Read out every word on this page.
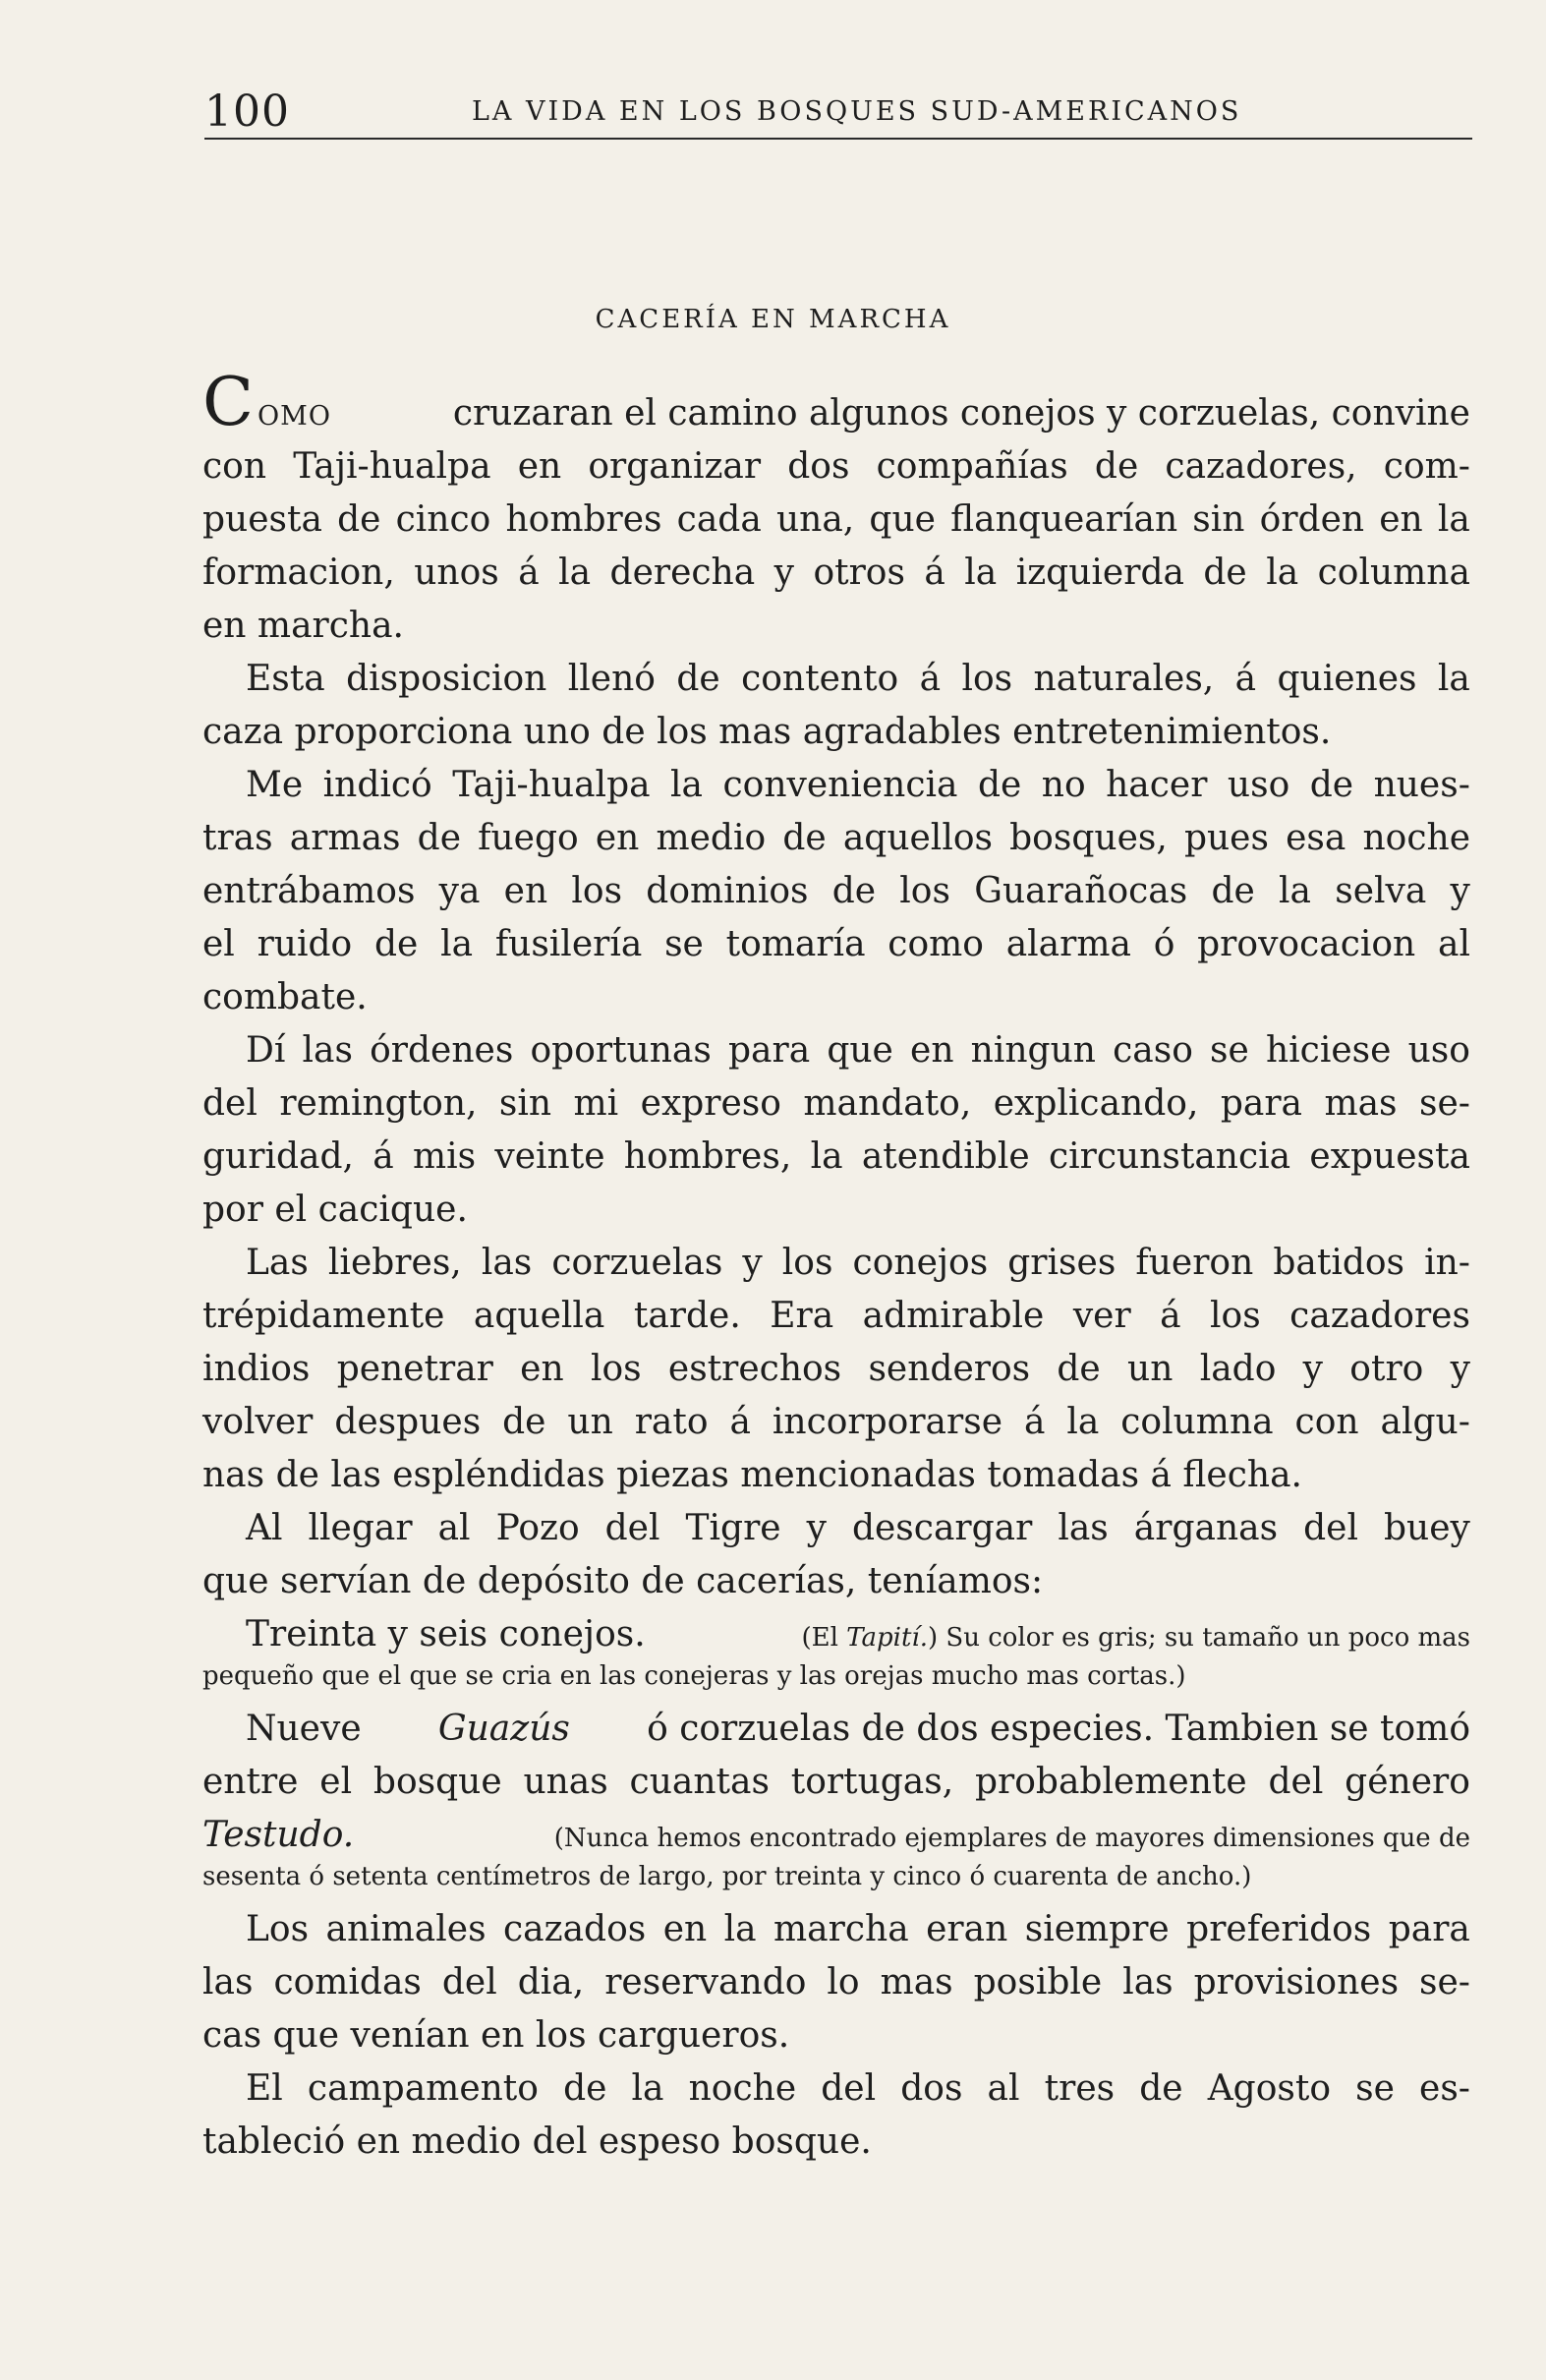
100	LA VIDA EN LOS BOSQUES SUD-AMERICANOS
CACERÍA EN MARCHA
COMO	cruzaran el camino algunos conejos y corzuelas, convine
con Taji-hualpa en organizar dos compañías de cazadores, com-
puesta de cinco hombres cada una, que flanquearían sin órden en la
formacion, unos á la derecha y otros á la izquierda de la columna
en marcha.
Esta disposicion llenó de contento á los naturales, á quienes la
caza proporciona uno de los mas agradables entretenimientos.
Me indicó Taji-hualpa la conveniencia de no hacer uso de nues-
tras armas de fuego en medio de aquellos bosques, pues esa noche
entrábamos ya en los dominios de los Guarañocas de la selva y
el ruido de la fusilería se tomaría como alarma ó provocacion al
combate.
Dí las órdenes oportunas para que en ningun caso se hiciese uso
del remington, sin mi expreso mandato, explicando, para mas se-
guridad, á mis veinte hombres, la atendible circunstancia expuesta
por el cacique.
Las liebres, las corzuelas y los conejos grises fueron batidos in-
trépidamente aquella tarde. Era admirable ver á los cazadores
indios penetrar en los estrechos senderos de un lado y otro y
volver despues de un rato á incorporarse á la columna con algu-
nas de las espléndidas piezas mencionadas tomadas á flecha.
Al llegar al Pozo del Tigre y descargar las árganas del buey
que servían de depósito de cacerías, teníamos:
Treinta y seis conejos.	(El Tapití.) Su color es gris; su tamaño un poco mas
pequeño que el que se cria en las conejeras y las orejas mucho mas cortas.)
Nueve Guazús ó corzuelas de dos especies. Tambien se tomó
entre el bosque unas cuantas tortugas, probablemente del género
Testudo.	(Nunca hemos encontrado ejemplares de mayores dimensiones que de
sesenta ó setenta centímetros de largo, por treinta y cinco ó cuarenta de ancho.)
Los animales cazados en la marcha eran siempre preferidos para
las comidas del dia, reservando lo mas posible las provisiones se-
cas que venían en los cargueros.
El campamento de la noche del dos al tres de Agosto se es-
tableció en medio del espeso bosque.
